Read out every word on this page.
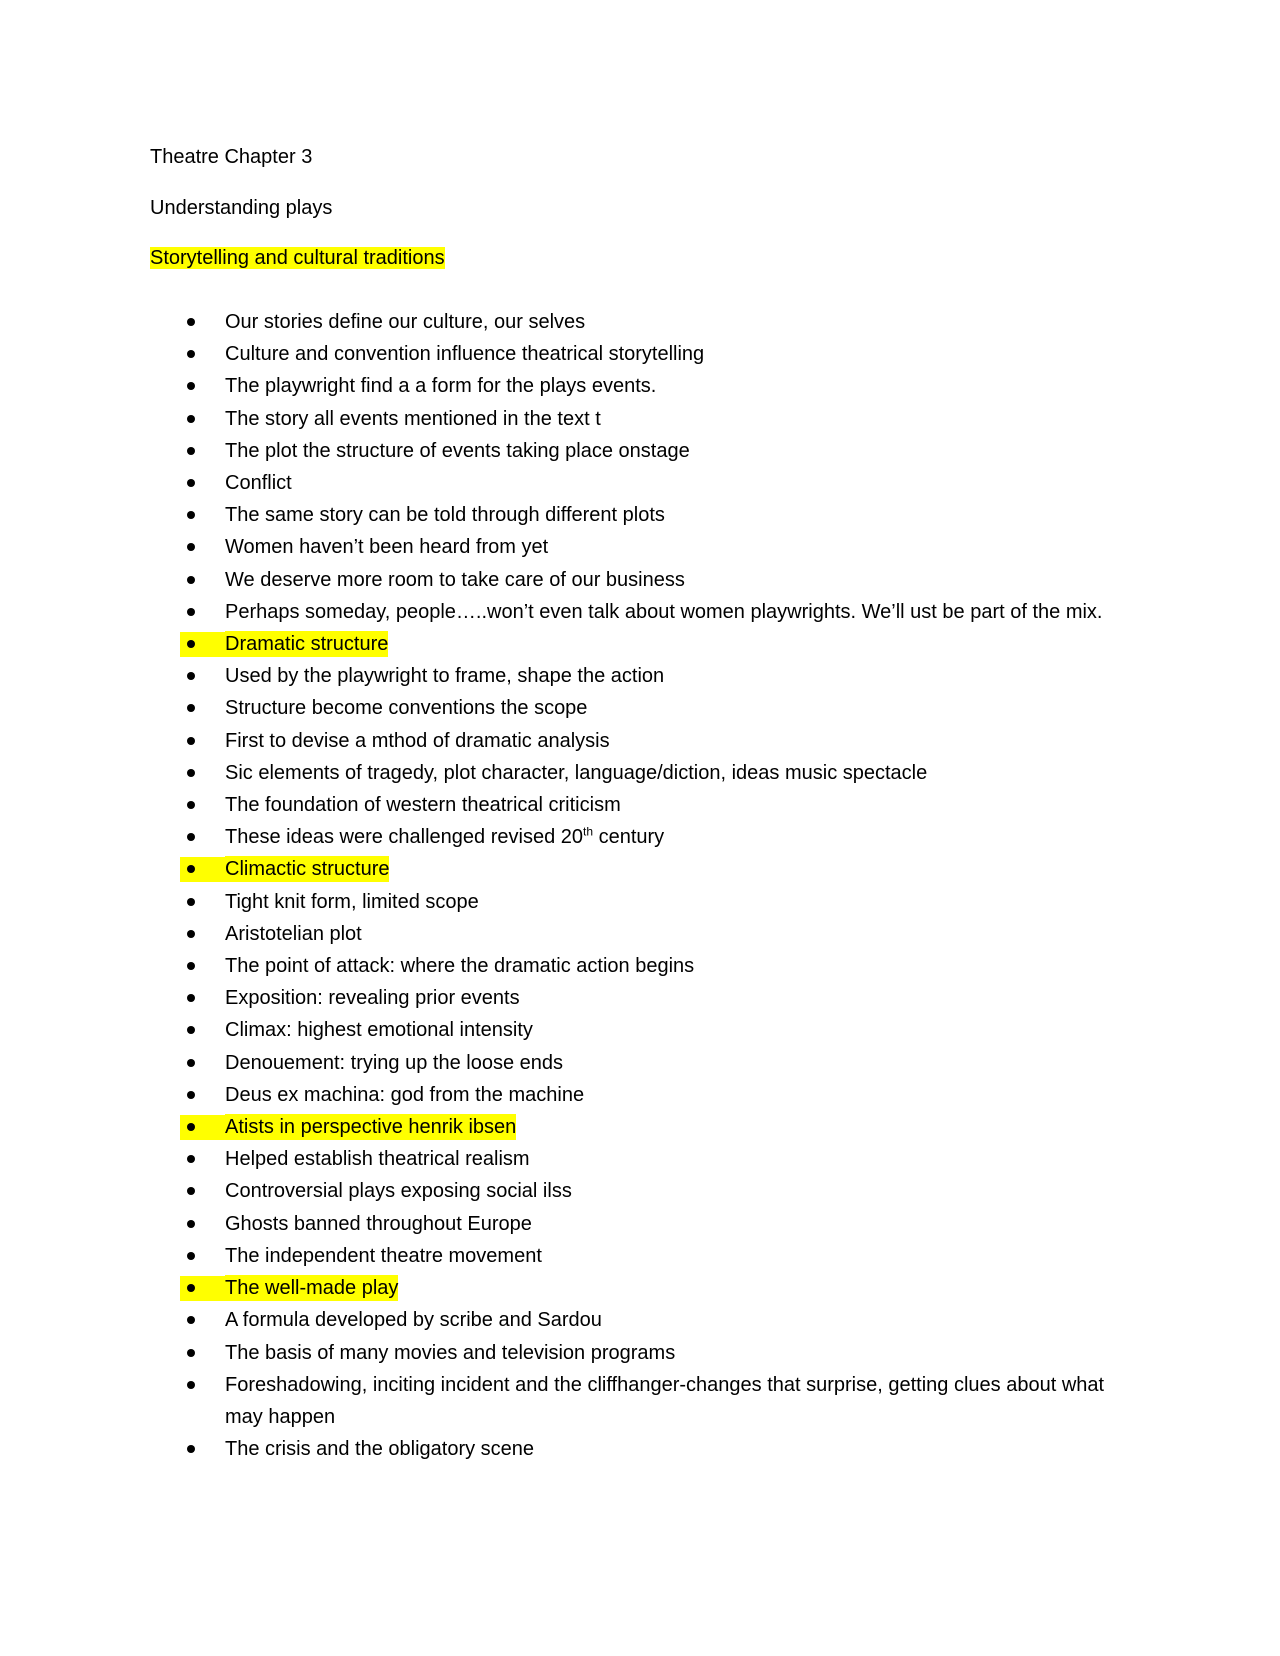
Theatre Chapter 3
Understanding plays
Storytelling and cultural traditions
Our stories define our culture, our selves
Culture and convention influence theatrical storytelling
The playwright find a a form for the plays events.
The story all events mentioned in the text t
The plot the structure of events taking place onstage
Conflict
The same story can be told through different plots
Women haven’t been heard from yet
We deserve more room to take care of our business
Perhaps someday, people…..won’t even talk about women playwrights. We’ll ust be part of the mix.
Dramatic structure
Used by the playwright to frame, shape the action
Structure become conventions the scope
First to devise a mthod of dramatic analysis
Sic elements of tragedy, plot character, language/diction, ideas music spectacle
The foundation of western theatrical criticism
These ideas were challenged revised 20th century
Climactic structure
Tight knit form, limited scope
Aristotelian plot
The point of attack: where the dramatic action begins
Exposition: revealing prior events
Climax: highest emotional intensity
Denouement: trying up the loose ends
Deus ex machina: god from the machine
Atists in perspective henrik ibsen
Helped establish theatrical realism
Controversial plays exposing social ilss
Ghosts banned throughout Europe
The independent theatre movement
The well-made play
A formula developed by scribe and Sardou
The basis of many movies and television programs
Foreshadowing, inciting incident and the cliffhanger-changes that surprise, getting clues about what may happen
The crisis and the obligatory scene
